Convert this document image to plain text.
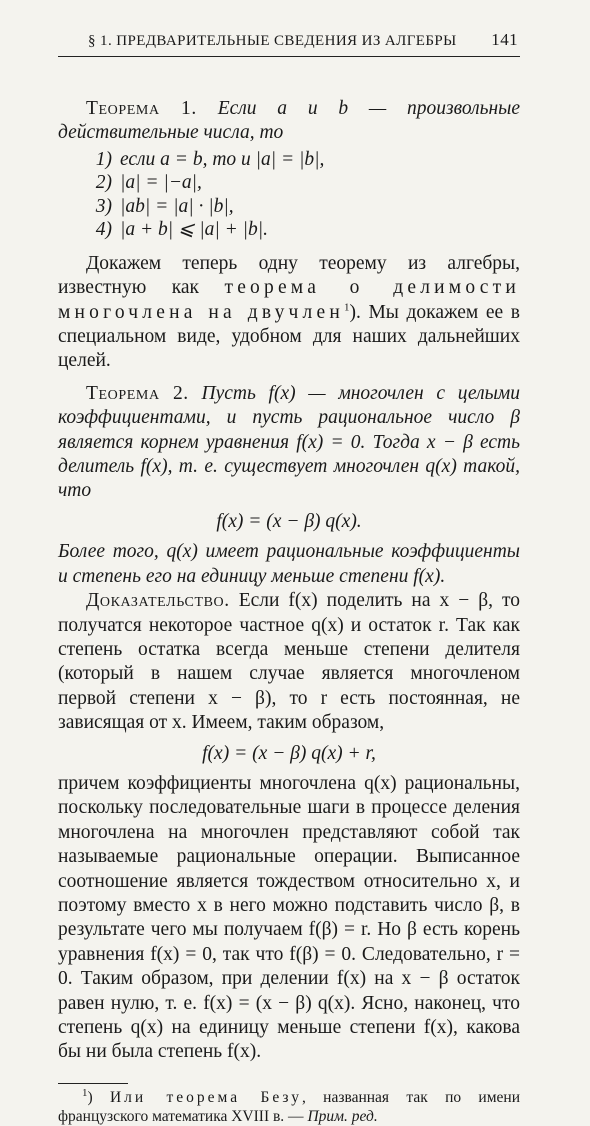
§ 1. ПРЕДВАРИТЕЛЬНЫЕ СВЕДЕНИЯ ИЗ АЛГЕБРЫ 141

Теорема 1. Если a и b — произвольные действительные числа, то

1) если a = b, то и |a| = |b|,
2) |a| = |−a|,
3) |ab| = |a| · |b|,
4) |a + b| ⩽ |a| + |b|.

Докажем теперь одну теорему из алгебры, известную как теорема о делимости многочлена на двучлен$^1$). Мы докажем ее в специальном виде, удобном для наших дальнейших целей.

Теорема 2. Пусть f(x) — многочлен с целыми коэффициентами, и пусть рациональное число β является корнем уравнения f(x) = 0. Тогда x − β есть делитель f(x), т. е. существует многочлен q(x) такой, что

f(x) = (x − β) q(x).

Более того, q(x) имеет рациональные коэффициенты и степень его на единицу меньше степени f(x).

Доказательство. Если f(x) поделить на x − β, то получатся некоторое частное q(x) и остаток r. Так как степень остатка всегда меньше степени делителя (который в нашем случае является многочленом первой степени x − β), то r есть постоянная, не зависящая от x. Имеем, таким образом,

f(x) = (x − β) q(x) + r,

причем коэффициенты многочлена q(x) рациональны, поскольку последовательные шаги в процессе деления многочлена на многочлен представляют собой так называемые рациональные операции. Выписанное соотношение является тождеством относительно x, и поэтому вместо x в него можно подставить число β, в результате чего мы получаем f(β) = r. Но β есть корень уравнения f(x) = 0, так что f(β) = 0. Следовательно, r = 0. Таким образом, при делении f(x) на x − β остаток равен нулю, т. е. f(x) = (x − β) q(x). Ясно, наконец, что степень q(x) на единицу меньше степени f(x), какова бы ни была степень f(x).

$^1$) Или теорема Безу, названная так по имени французского математика XVIII в. — Прим. ред.
